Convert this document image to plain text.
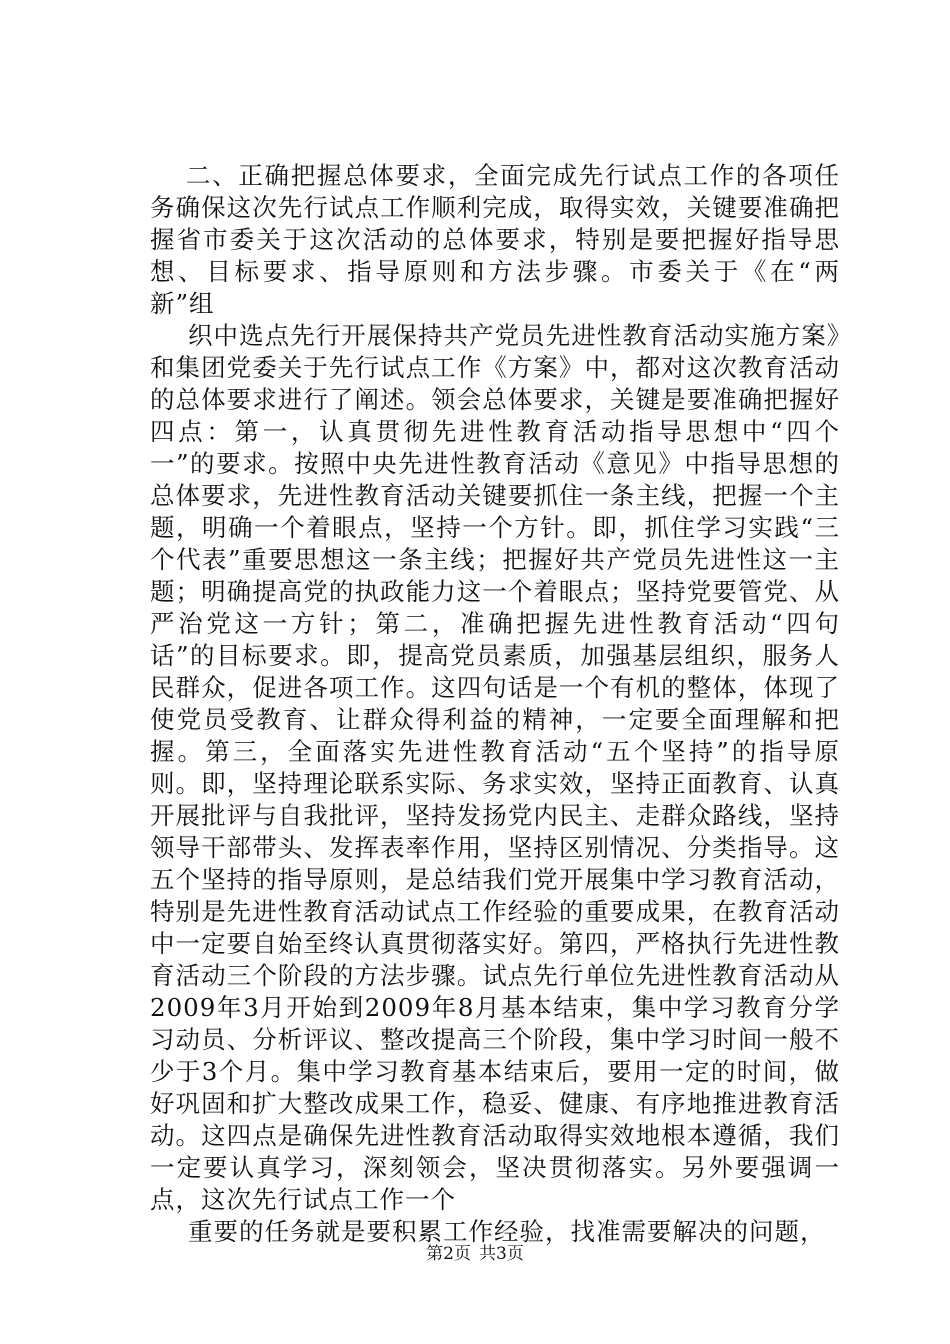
二、正确把握总体要求，全面完成先行试点工作的各项任务确保这次先行试点工作顺利完成，取得实效，关键要准确把握省市委关于这次活动的总体要求，特别是要把握好指导思想、目标要求、指导原则和方法步骤。市委关于《在“两新”组

织中选点先行开展保持共产党员先进性教育活动实施方案》和集团党委关于先行试点工作《方案》中，都对这次教育活动的总体要求进行了阐述。领会总体要求，关键是要准确把握好四点：第一，认真贯彻先进性教育活动指导思想中“四个一”的要求。按照中央先进性教育活动《意见》中指导思想的总体要求，先进性教育活动关键要抓住一条主线，把握一个主题，明确一个着眼点，坚持一个方针。即，抓住学习实践“三个代表”重要思想这一条主线；把握好共产党员先进性这一主题；明确提高党的执政能力这一个着眼点；坚持党要管党、从严治党这一方针；第二，准确把握先进性教育活动“四句话”的目标要求。即，提高党员素质，加强基层组织，服务人民群众，促进各项工作。这四句话是一个有机的整体，体现了使党员受教育、让群众得利益的精神，一定要全面理解和把握。第三，全面落实先进性教育活动“五个坚持”的指导原则。即，坚持理论联系实际、务求实效，坚持正面教育、认真开展批评与自我批评，坚持发扬党内民主、走群众路线，坚持领导干部带头、发挥表率作用，坚持区别情况、分类指导。这五个坚持的指导原则，是总结我们党开展集中学习教育活动，特别是先进性教育活动试点工作经验的重要成果，在教育活动中一定要自始至终认真贯彻落实好。第四，严格执行先进性教育活动三个阶段的方法步骤。试点先行单位先进性教育活动从2009年3月开始到2009年8月基本结束，集中学习教育分学习动员、分析评议、整改提高三个阶段，集中学习时间一般不少于3个月。集中学习教育基本结束后，要用一定的时间，做好巩固和扩大整改成果工作，稳妥、健康、有序地推进教育活动。这四点是确保先进性教育活动取得实效地根本遵循，我们一定要认真学习，深刻领会，坚决贯彻落实。另外要强调一点，这次先行试点工作一个

重要的任务就是要积累工作经验，找准需要解决的问题，

第2页 共3页
